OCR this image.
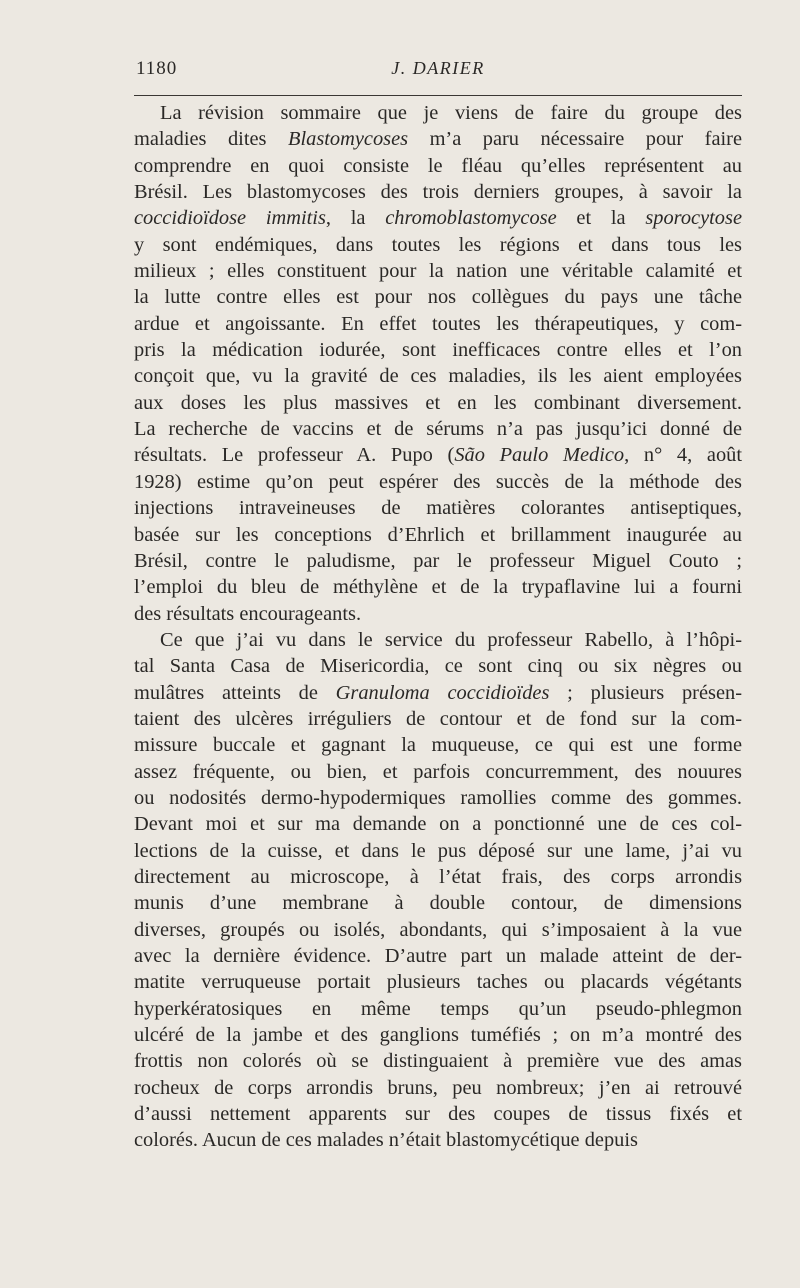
1180	J. DARIER
La révision sommaire que je viens de faire du groupe des
maladies dites Blastomycoses m’a paru nécessaire pour faire
comprendre en quoi consiste le fléau qu’elles représentent au
Brésil. Les blastomycoses des trois derniers groupes, à savoir la
coccidioïdose immitis, la chromoblastomycose et la sporocytose
y sont endémiques, dans toutes les régions et dans tous les
milieux ; elles constituent pour la nation une véritable calamité et
la lutte contre elles est pour nos collègues du pays une tâche
ardue et angoissante. En effet toutes les thérapeutiques, y com-
pris la médication iodurée, sont inefficaces contre elles et l’on
conçoit que, vu la gravité de ces maladies, ils les aient employées
aux doses les plus massives et en les combinant diversement.
La recherche de vaccins et de sérums n’a pas jusqu’ici donné de
résultats. Le professeur A. Pupo (São Paulo Medico, n° 4, août
1928) estime qu’on peut espérer des succès de la méthode des
injections intraveineuses de matières colorantes antiseptiques,
basée sur les conceptions d’Ehrlich et brillamment inaugurée au
Brésil, contre le paludisme, par le professeur Miguel Couto ;
l’emploi du bleu de méthylène et de la trypaflavine lui a fourni
des résultats encourageants.
Ce que j’ai vu dans le service du professeur Rabello, à l’hôpi-
tal Santa Casa de Misericordia, ce sont cinq ou six nègres ou
mulâtres atteints de Granuloma coccidioïdes ; plusieurs présen-
taient des ulcères irréguliers de contour et de fond sur la com-
missure buccale et gagnant la muqueuse, ce qui est une forme
assez fréquente, ou bien, et parfois concurremment, des nouures
ou nodosités dermo-hypodermiques ramollies comme des gommes.
Devant moi et sur ma demande on a ponctionné une de ces col-
lections de la cuisse, et dans le pus déposé sur une lame, j’ai vu
directement au microscope, à l’état frais, des corps arrondis
munis d’une membrane à double contour, de dimensions
diverses, groupés ou isolés, abondants, qui s’imposaient à la vue
avec la dernière évidence. D’autre part un malade atteint de der-
matite verruqueuse portait plusieurs taches ou placards végétants
hyperkératosiques en même temps qu’un pseudo-phlegmon
ulcéré de la jambe et des ganglions tuméfiés ; on m’a montré des
frottis non colorés où se distinguaient à première vue des amas
rocheux de corps arrondis bruns, peu nombreux; j’en ai retrouvé
d’aussi nettement apparents sur des coupes de tissus fixés et
colorés. Aucun de ces malades n’était blastomycétique depuis
